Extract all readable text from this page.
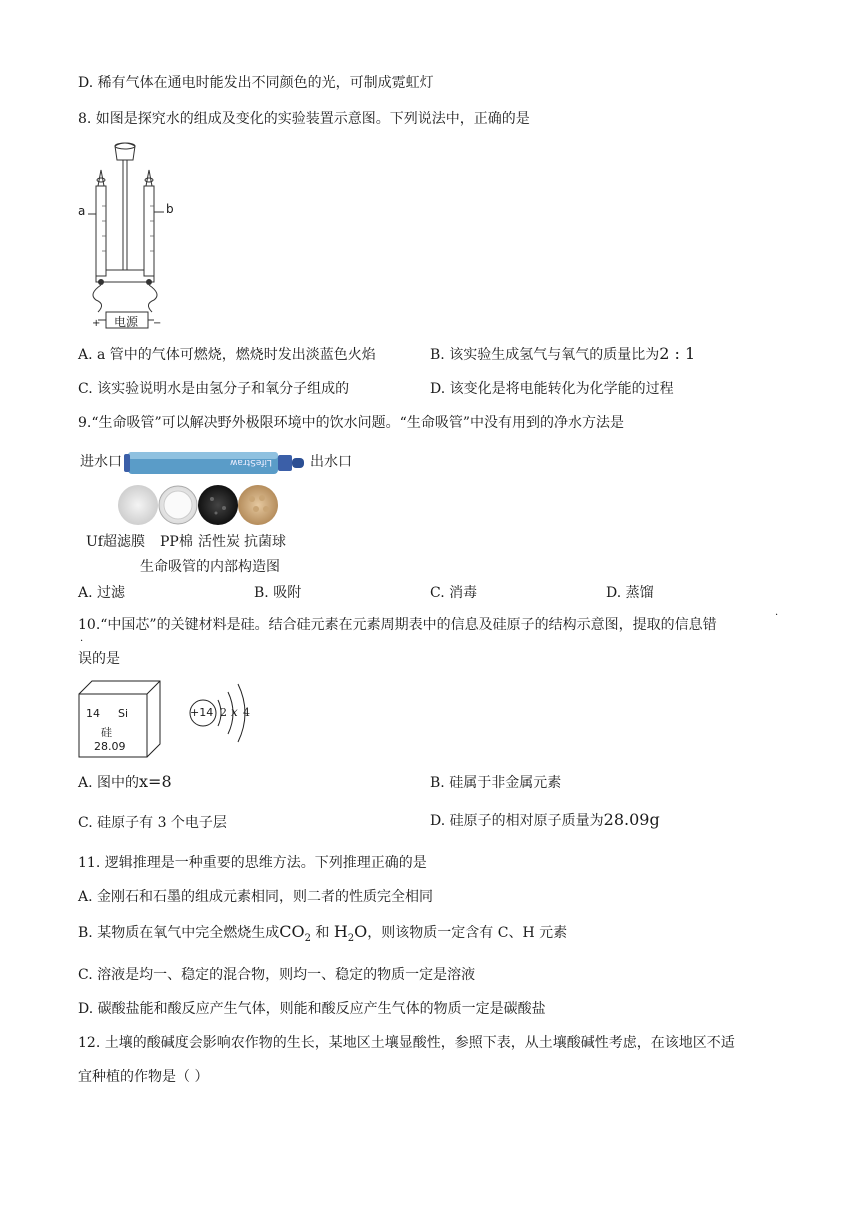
D. 稀有气体在通电时能发出不同颜色的光，可制成霓虹灯
8. 如图是探究水的组成及变化的实验装置示意图。下列说法中，正确的是
a	b
电源
+	−
A. a 管中的气体可燃烧，燃烧时发出淡蓝色火焰	B. 该实验生成氢气与氧气的质量比为2 : 1
C. 该实验说明水是由氢分子和氧分子组成的	D. 该变化是将电能转化为化学能的过程
9.“生命吸管”可以解决野外极限环境中的饮水问题。“生命吸管”中没有用到的净水方法是
进水口	出水口
LifeStraw
Uf超滤膜 PP棉 活性炭 抗菌球
生命吸管的内部构造图
A. 过滤	B. 吸附	C. 消毒	D. 蒸馏
10.“中国芯”的关键材料是硅。结合硅元素在元素周期表中的信息及硅原子的结构示意图，提取的信息错
·
误的是
·
14 Si
硅
28.09
+14 2 x 4
A. 图中的x=8	B. 硅属于非金属元素
C. 硅原子有 3 个电子层	D. 硅原子的相对原子质量为28.09g
11. 逻辑推理是一种重要的思维方法。下列推理正确的是
A. 金刚石和石墨的组成元素相同，则二者的性质完全相同
B. 某物质在氧气中完全燃烧生成$CO_2$ 和 $H_2O$，则该物质一定含有 C、H 元素
C. 溶液是均一、稳定的混合物，则均一、稳定的物质一定是溶液
D. 碳酸盐能和酸反应产生气体，则能和酸反应产生气体的物质一定是碳酸盐
12. 土壤的酸碱度会影响农作物的生长，某地区土壤显酸性，参照下表，从土壤酸碱性考虑，在该地区不适
宜种植的作物是（ ）
